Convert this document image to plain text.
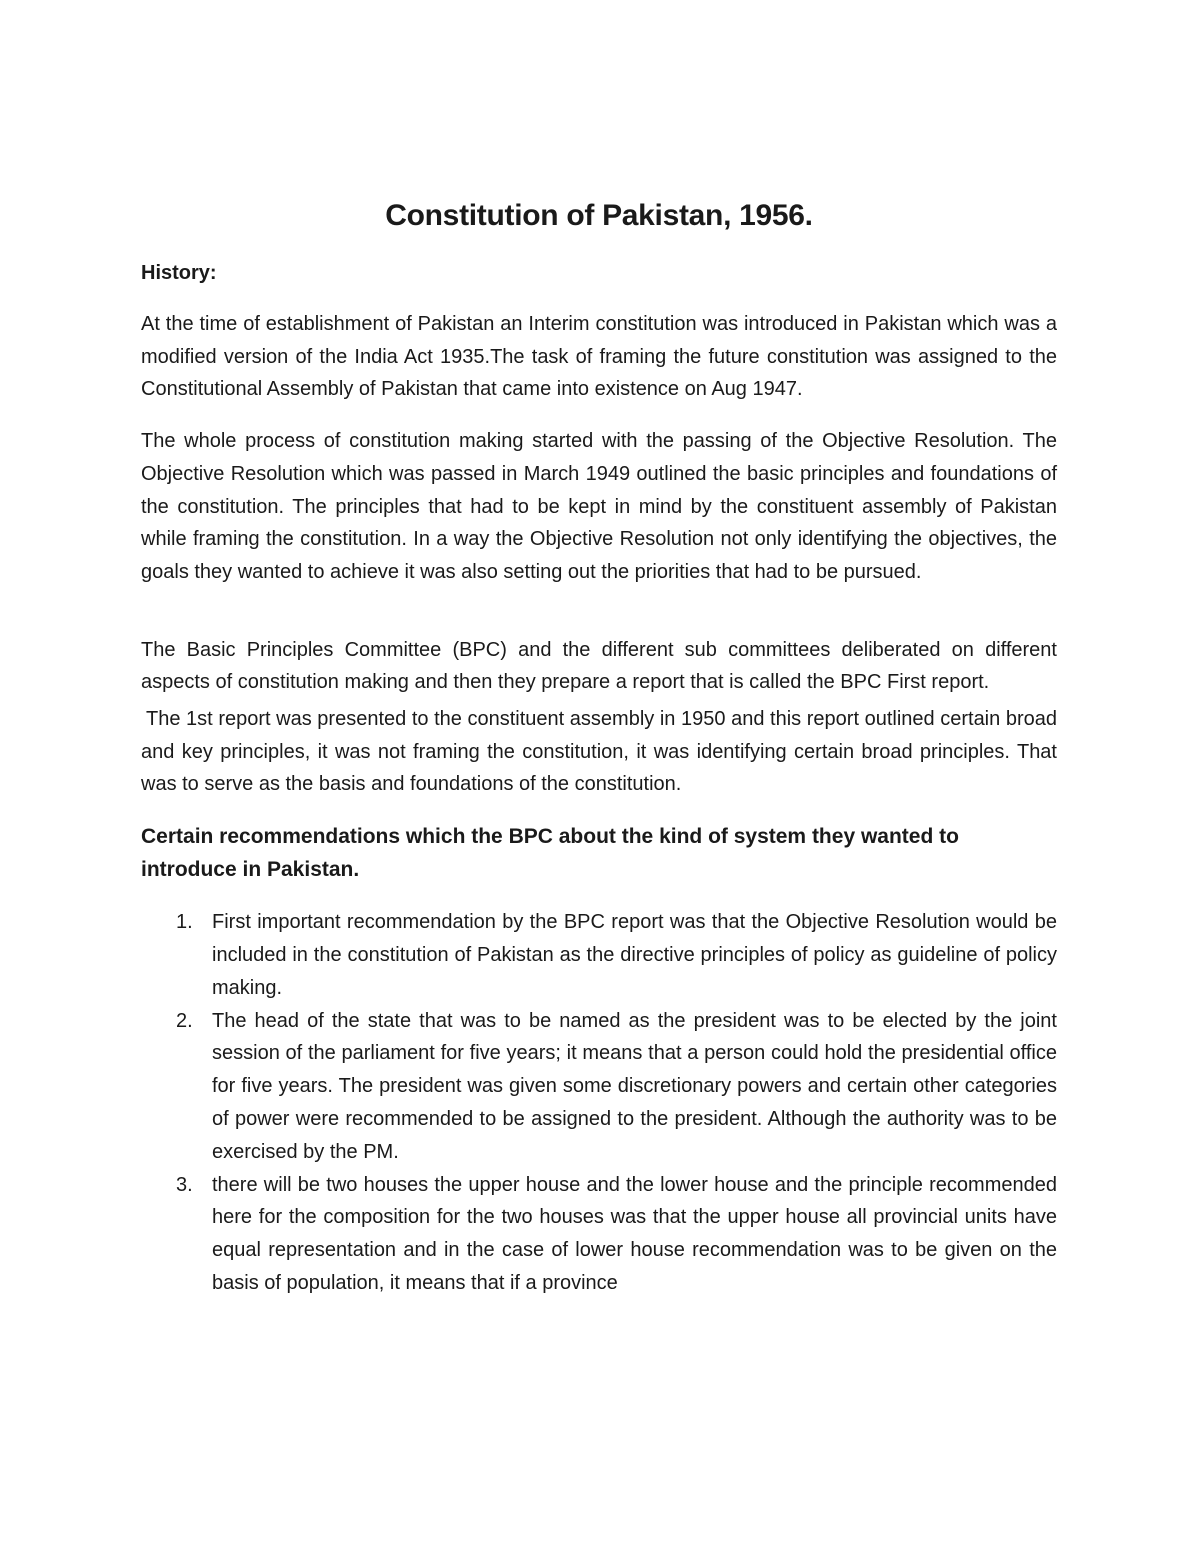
Constitution of Pakistan, 1956.
History:

At the time of establishment of Pakistan an Interim constitution was introduced in Pakistan which was a modified version of the India Act 1935.The task of framing the future constitution was assigned to the Constitutional Assembly of Pakistan that came into existence on Aug 1947.

The whole process of constitution making started with the passing of the Objective Resolution. The Objective Resolution which was passed in March 1949 outlined the basic principles and foundations of the constitution. The principles that had to be kept in mind by the constituent assembly of Pakistan while framing the constitution. In a way the Objective Resolution not only identifying the objectives, the goals they wanted to achieve it was also setting out the priorities that had to be pursued.

The Basic Principles Committee (BPC) and the different sub committees deliberated on different aspects of constitution making and then they prepare a report that is called the BPC First report.

The 1st report was presented to the constituent assembly in 1950 and this report outlined certain broad and key principles, it was not framing the constitution, it was identifying certain broad principles. That was to serve as the basis and foundations of the constitution.

Certain recommendations which the BPC about the kind of system they wanted to introduce in Pakistan.
1. First important recommendation by the BPC report was that the Objective Resolution would be included in the constitution of Pakistan as the directive principles of policy as guideline of policy making.
2. The head of the state that was to be named as the president was to be elected by the joint session of the parliament for five years; it means that a person could hold the presidential office for five years. The president was given some discretionary powers and certain other categories of power were recommended to be assigned to the president. Although the authority was to be exercised by the PM.
3. there will be two houses the upper house and the lower house and the principle recommended here for the composition for the two houses was that the upper house all provincial units have equal representation and in the case of lower house recommendation was to be given on the basis of population, it means that if a province
